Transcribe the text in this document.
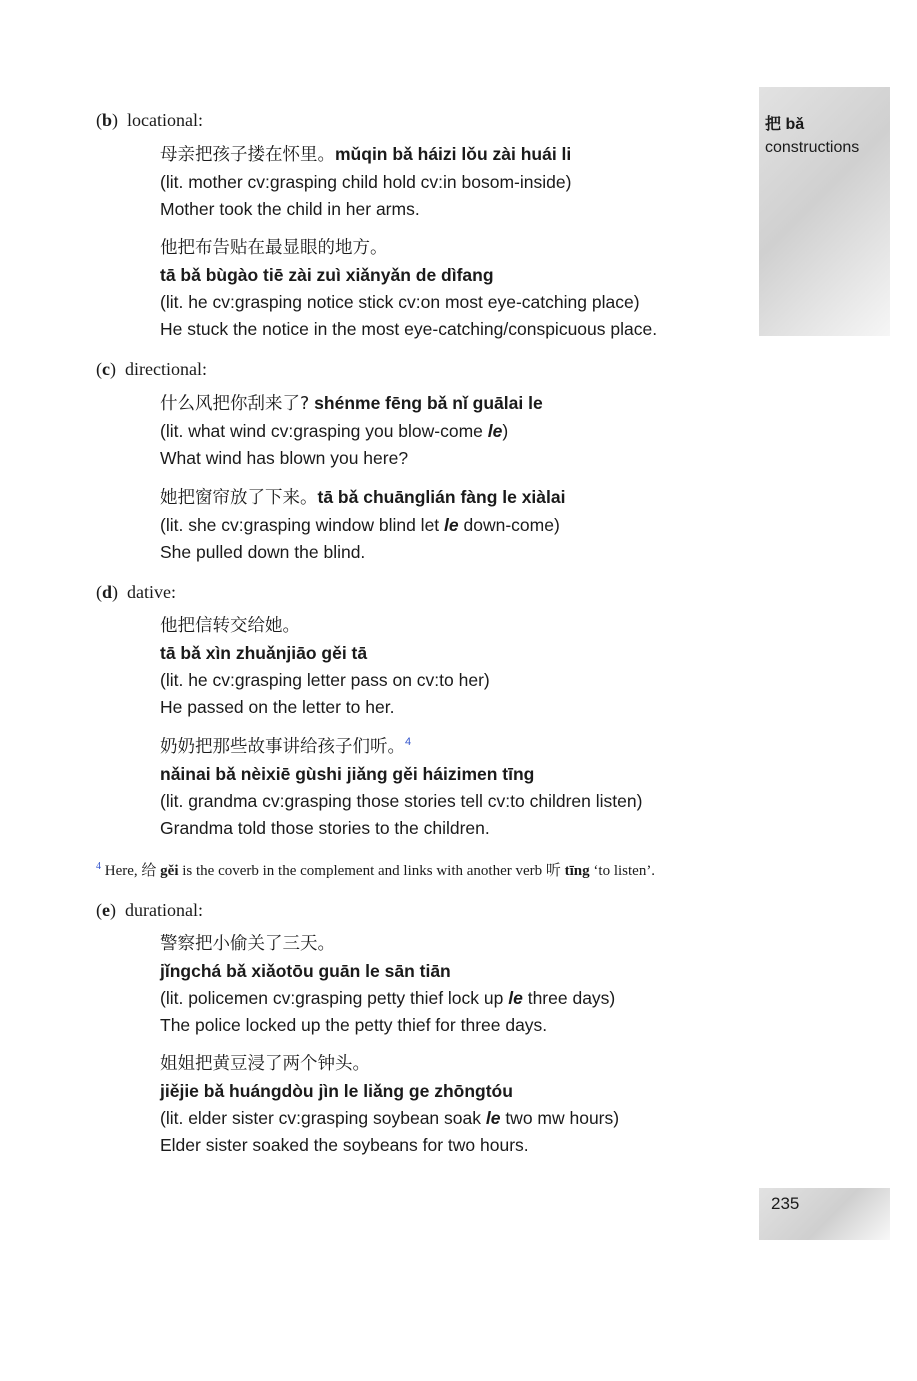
(b)  locational:
母亲把孩子搂在怀里。mǔqin bǎ háizi lǒu zài huái li
(lit. mother cv:grasping child hold cv:in bosom-inside)
Mother took the child in her arms.
他把布告贴在最显眼的地方。
tā bǎ bùgào tiē zài zuì xiǎnyǎn de dìfang
(lit. he cv:grasping notice stick cv:on most eye-catching place)
He stuck the notice in the most eye-catching/conspicuous place.
(c)  directional:
什么风把你刮来了? shénme fēng bǎ nǐ guālai le
(lit. what wind cv:grasping you blow-come le)
What wind has blown you here?
她把窗帘放了下来。tā bǎ chuānglián fàng le xiàlai
(lit. she cv:grasping window blind let le down-come)
She pulled down the blind.
(d)  dative:
他把信转交给她。
tā bǎ xìn zhuǎnjiāo gěi tā
(lit. he cv:grasping letter pass on cv:to her)
He passed on the letter to her.
奶奶把那些故事讲给孩子们听。$^4$
nǎinai bǎ nèixiē gùshi jiǎng gěi háizimen tīng
(lit. grandma cv:grasping those stories tell cv:to children listen)
Grandma told those stories to the children.
$^4$ Here, 给 gěi is the coverb in the complement and links with another verb 听 tīng ‘to listen’.
(e)  durational:
警察把小偷关了三天。
jǐngchá bǎ xiǎotōu guān le sān tiān
(lit. policemen cv:grasping petty thief lock up le three days)
The police locked up the petty thief for three days.
姐姐把黄豆浸了两个钟头。
jiějie bǎ huángdòu jìn le liǎng ge zhōngtóu
(lit. elder sister cv:grasping soybean soak le two mw hours)
Elder sister soaked the soybeans for two hours.
把 bǎ
constructions
235
